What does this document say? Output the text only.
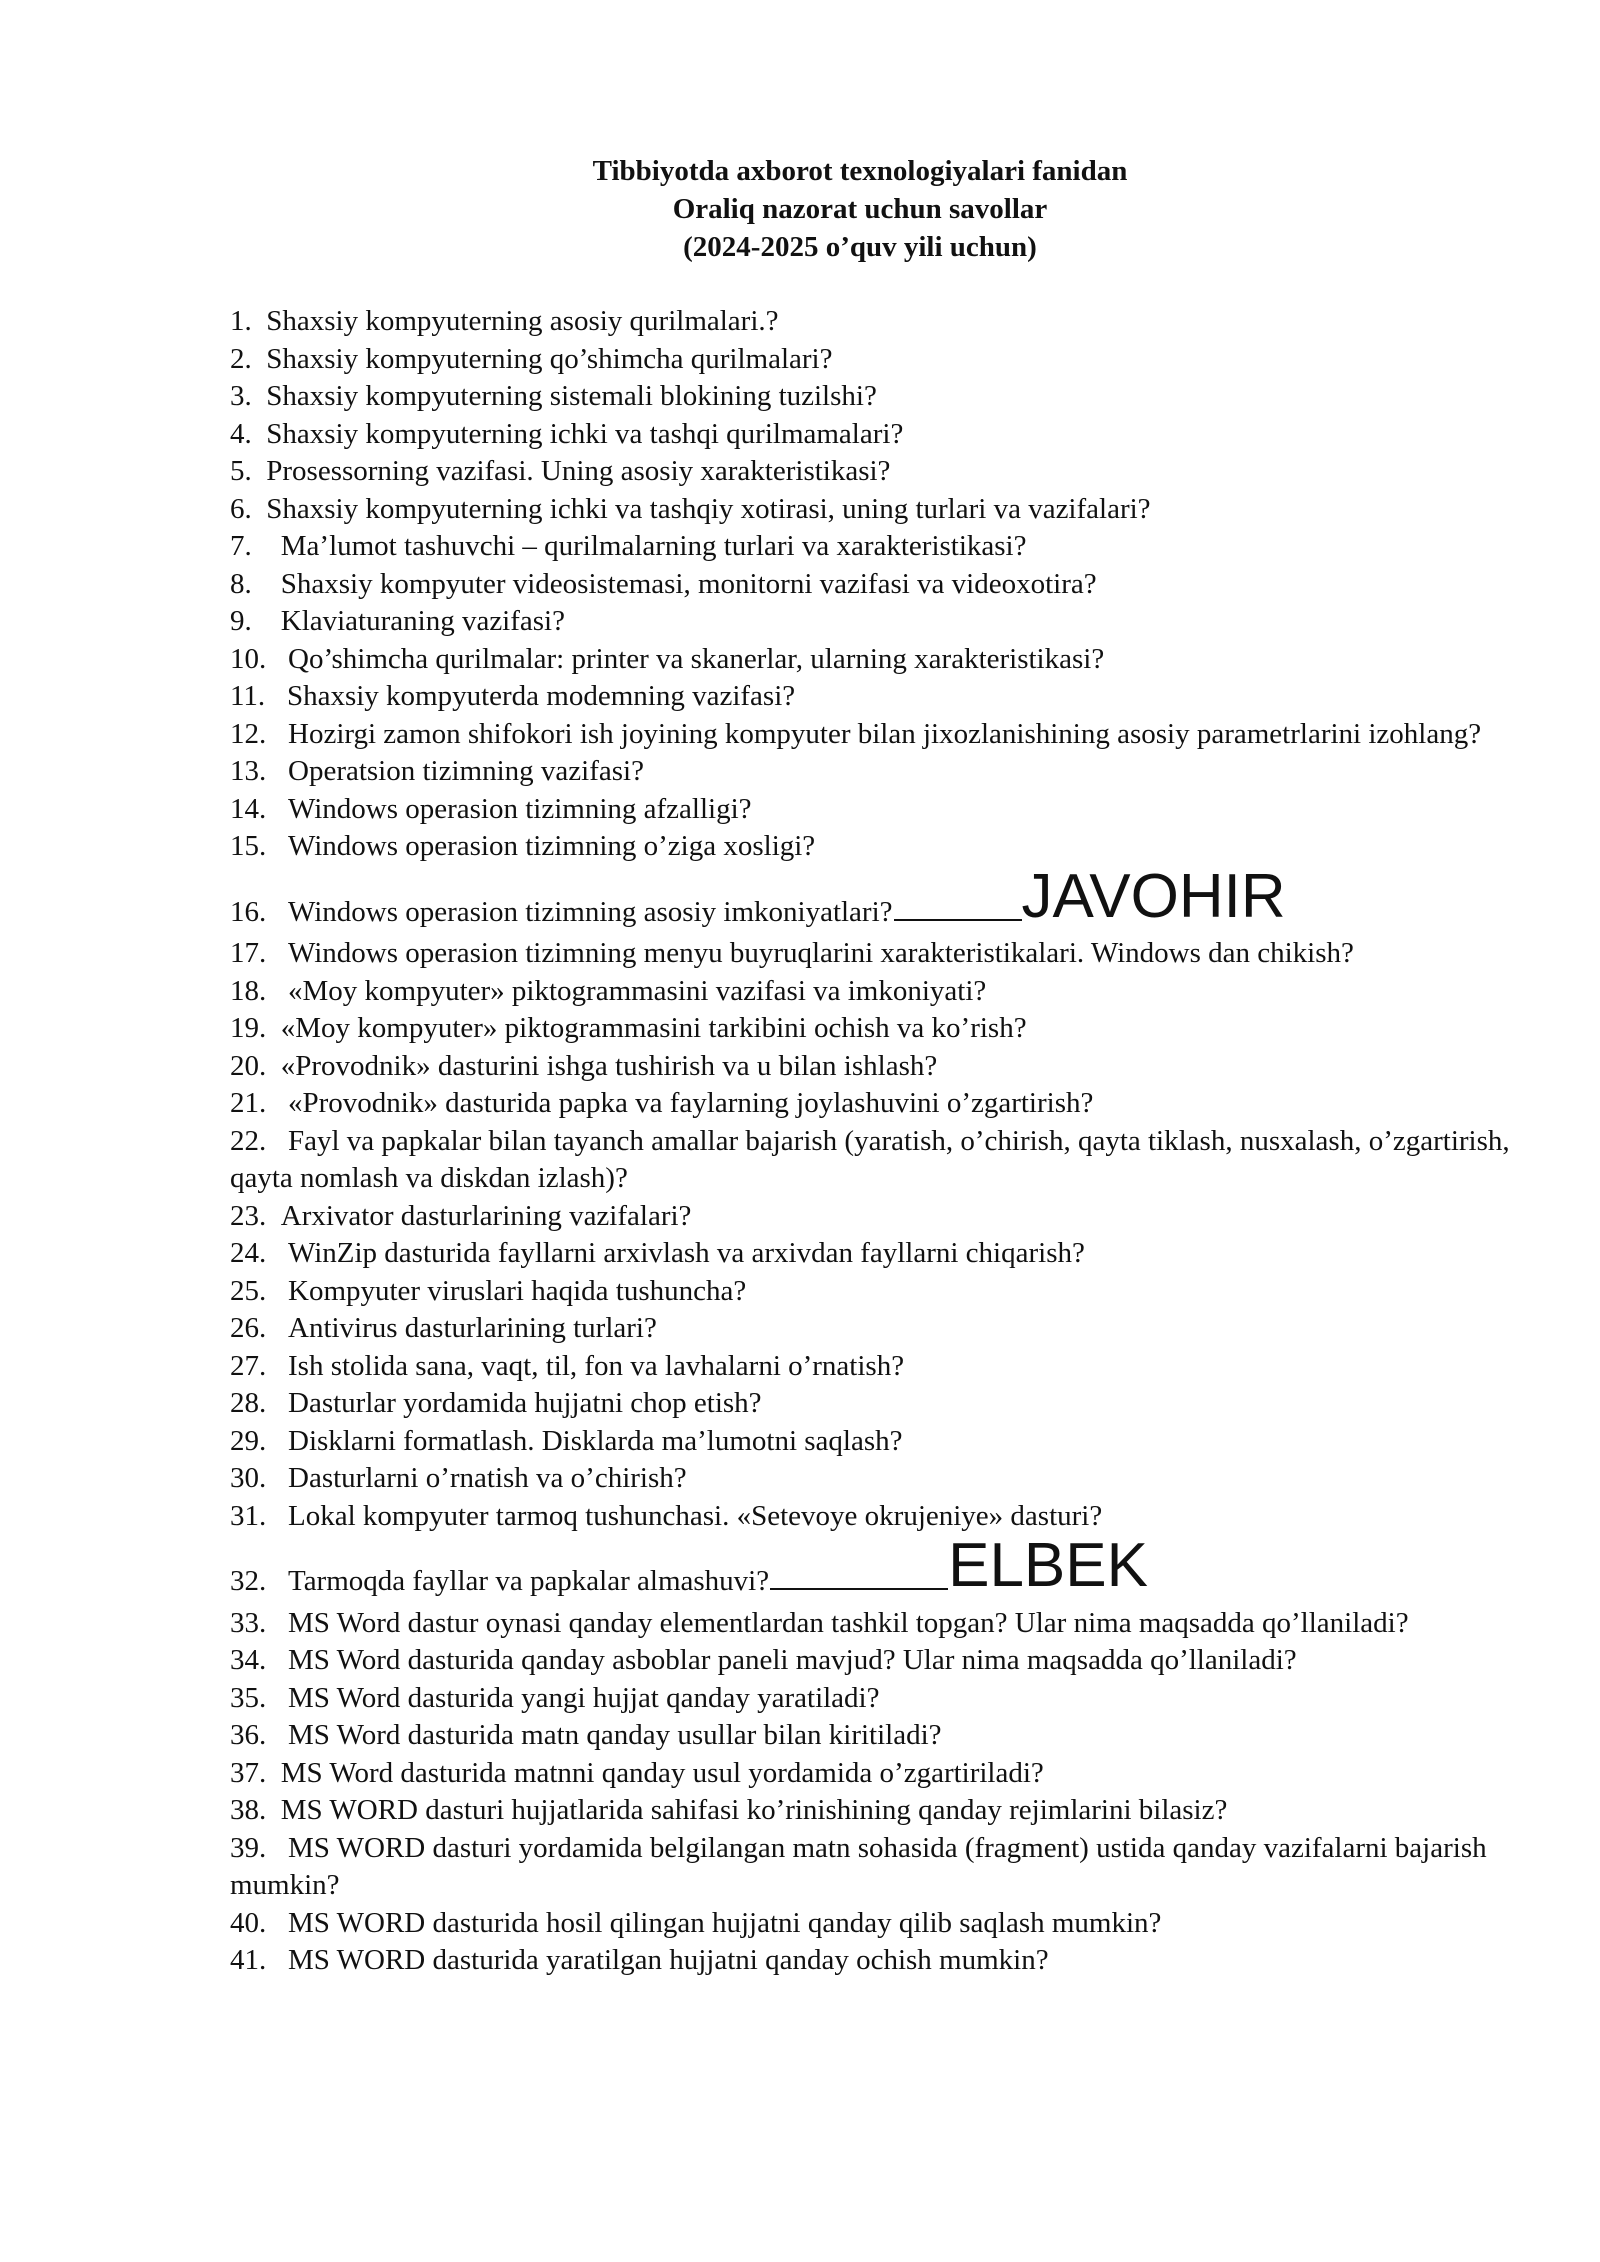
Tibbiyotda axborot texnologiyalari fanidan
Oraliq nazorat uchun savollar
(2024-2025 o’quv yili uchun)
1. Shaxsiy kompyuterning asosiy qurilmalari.?
2. Shaxsiy kompyuterning qo’shimcha qurilmalari?
3. Shaxsiy kompyuterning sistemali blokining tuzilshi?
4. Shaxsiy kompyuterning ichki va tashqi qurilmamalari?
5. Prosessorning vazifasi. Uning asosiy xarakteristikasi?
6. Shaxsiy kompyuterning ichki va tashqiy xotirasi, uning turlari va vazifalari?
7. Ma’lumot tashuvchi – qurilmalarning turlari va xarakteristikasi?
8. Shaxsiy kompyuter videosistemasi, monitorni vazifasi va videoxotira?
9. Klaviaturaning vazifasi?
10. Qo’shimcha qurilmalar: printer va skanerlar, ularning xarakteristikasi?
11. Shaxsiy kompyuterda modemning vazifasi?
12. Hozirgi zamon shifokori ish joyining kompyuter bilan jixozlanishining asosiy parametrlarini izohlang?
13. Operatsion tizimning vazifasi?
14. Windows operasion tizimning afzalligi?
15. Windows operasion tizimning o’ziga xosligi?
16. Windows operasion tizimning asosiy imkoniyatlari? JAVOHIR
17. Windows operasion tizimning menyu buyruqlarini xarakteristikalari. Windows dan chikish?
18. «Moy kompyuter» piktogrammasini vazifasi va imkoniyati?
19. «Moy kompyuter» piktogrammasini tarkibini ochish va ko’rish?
20. «Provodnik» dasturini ishga tushirish va u bilan ishlash?
21. «Provodnik» dasturida papka va faylarning joylashuvini o’zgartirish?
22. Fayl va papkalar bilan tayanch amallar bajarish (yaratish, o’chirish, qayta tiklash, nusxalash, o’zgartirish, qayta nomlash va diskdan izlash)?
23. Arxivator dasturlarining vazifalari?
24. WinZip dasturida fayllarni arxivlash va arxivdan fayllarni chiqarish?
25. Kompyuter viruslari haqida tushuncha?
26. Antivirus dasturlarining turlari?
27. Ish stolida sana, vaqt, til, fon va lavhalarni o’rnatish?
28. Dasturlar yordamida hujjatni chop etish?
29. Disklarni formatlash. Disklarda ma’lumotni saqlash?
30. Dasturlarni o’rnatish va o’chirish?
31. Lokal kompyuter tarmoq tushunchasi. «Setevoye okrujeniye» dasturi?
32. Tarmoqda fayllar va papkalar almashuvi?	ELBEK
33. MS Word dastur oynasi qanday elementlardan tashkil topgan? Ular nima maqsadda qo’llaniladi?
34. MS Word dasturida qanday asboblar paneli mavjud? Ular nima maqsadda qo’llaniladi?
35. MS Word dasturida yangi hujjat qanday yaratiladi?
36. MS Word dasturida matn qanday usullar bilan kiritiladi?
37. MS Word dasturida matnni qanday usul yordamida o’zgartiriladi?
38. MS WORD dasturi hujjatlarida sahifasi ko’rinishining qanday rejimlarini bilasiz?
39. MS WORD dasturi yordamida belgilangan matn sohasida (fragment) ustida qanday vazifalarni bajarish mumkin?
40. MS WORD dasturida hosil qilingan hujjatni qanday qilib saqlash mumkin?
41. MS WORD dasturida yaratilgan hujjatni qanday ochish mumkin?
